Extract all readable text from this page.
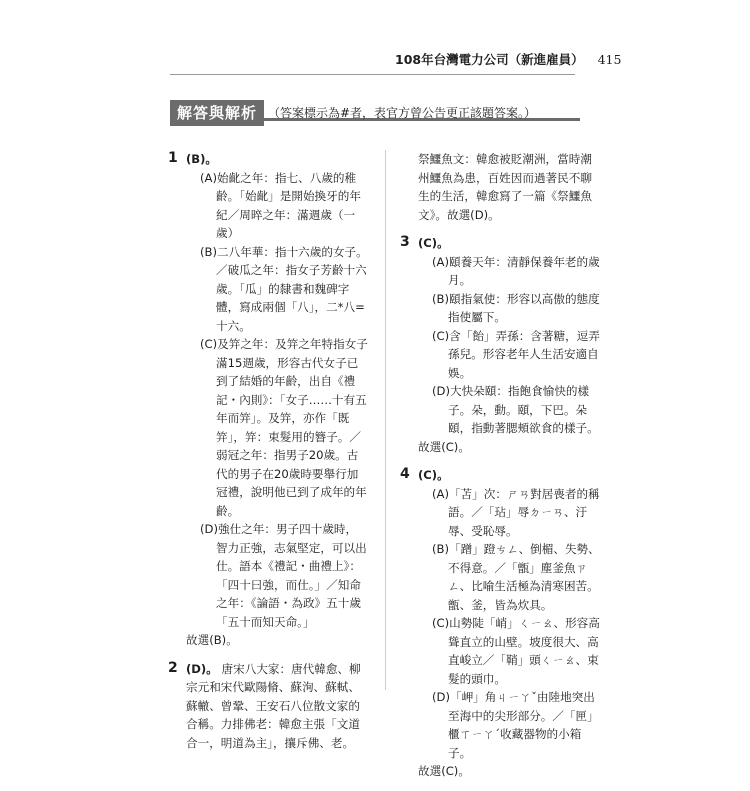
108年台灣電力公司（新進雇員） 415
解答與解析 （答案標示為#者，表官方曾公告更正該題答案。）
1 (B)。
(A)始齔之年：指七、八歲的稚齡。「始齔」是開始換牙的年紀／周晬之年：滿週歲（一歲）
(B)二八年華：指十六歲的女子。／破瓜之年：指女子芳齡十六歲。「瓜」的隸書和魏碑字體，寫成兩個「八」，二*八=十六。
(C)及笄之年：及笄之年特指女子滿15週歲，形容古代女子已到了結婚的年齡，出自《禮記・內則》：「女子……十有五年而笄」。及笄，亦作「既笄」，笄：束髮用的簪子。／弱冠之年：指男子20歲。古代的男子在20歲時要舉行加冠禮，說明他已到了成年的年齡。
(D)強仕之年：男子四十歲時，智力正強，志氣堅定，可以出仕。語本《禮記・曲禮上》：「四十曰強，而仕。」／知命之年：《論語・為政》五十歲「五十而知天命。」
故選(B)。
2 (D)。 唐宋八大家：唐代韓愈、柳宗元和宋代歐陽脩、蘇洵、蘇軾、蘇轍、曾鞏、王安石八位散文家的合稱。力排佛老：韓愈主張「文道合一，明道為主」，攘斥佛、老。
祭鱷魚文：韓愈被貶潮洲，當時潮州鱷魚為患，百姓因而過著民不聊生的生活，韓愈寫了一篇《祭鱷魚文》。故選(D)。
3 (C)。
(A)頤養天年：清靜保養年老的歲月。
(B)頤指氣使：形容以高傲的態度指使屬下。
(C)含「飴」弄孫：含著糖，逗弄孫兒。形容老年人生活安適自娛。
(D)大快朵頤：指飽食愉快的樣子。朵，動。頤，下巴。朵頤，指動著腮頰欲食的樣子。
故選(C)。
4 (C)。
(A)「苫」次：ㄕㄢ對居喪者的稱語。／「玷」辱ㄉㄧㄢ、汙辱、受恥辱。
(B)「蹭」蹬ㄘㄥ、倒楣、失勢、不得意。／「甑」塵釜魚ㄗㄥ、比喻生活極為清寒困苦。甑、釜，皆為炊具。
(C)山勢陡「峭」ㄑㄧㄠ、形容高聳直立的山壁。坡度很大、高直峻立／「鞘」頭ㄑㄧㄠ、束髮的頭巾。
(D)「岬」角ㄐㄧㄚˇ由陸地突出至海中的尖形部分。／「匣」櫃ㄒㄧㄚˊ收藏器物的小箱子。
故選(C)。
